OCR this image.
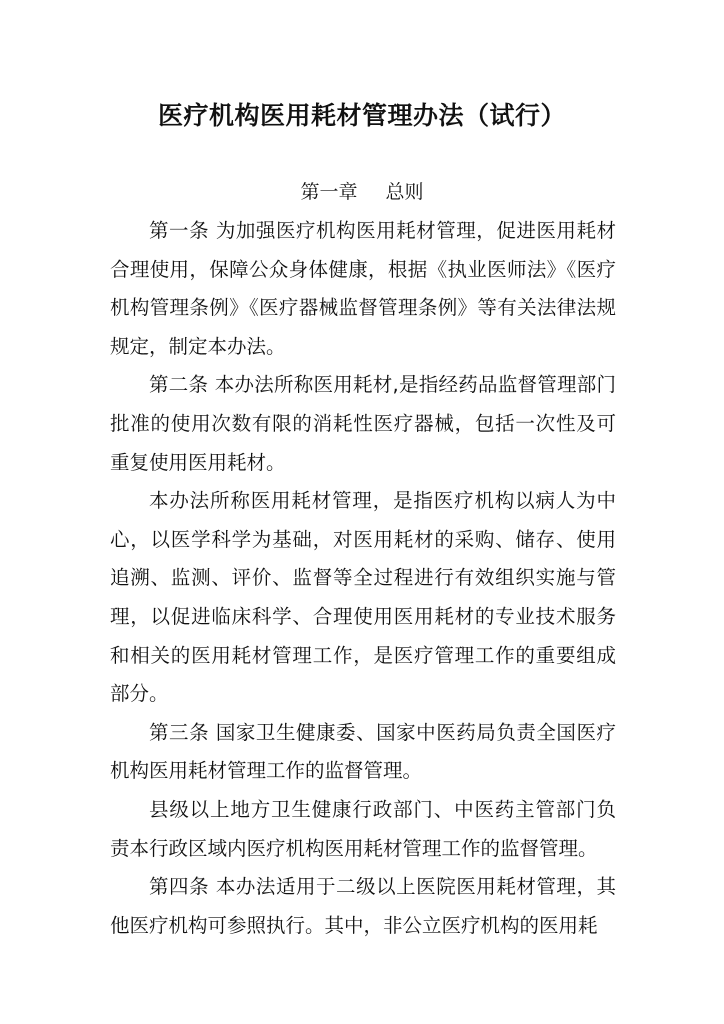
医疗机构医用耗材管理办法（试行）
第一章 总则

第一条 为加强医疗机构医用耗材管理，促进医用耗材合理使用，保障公众身体健康，根据《执业医师法》《医疗机构管理条例》《医疗器械监督管理条例》等有关法律法规规定，制定本办法。

第二条 本办法所称医用耗材,是指经药品监督管理部门批准的使用次数有限的消耗性医疗器械，包括一次性及可重复使用医用耗材。

本办法所称医用耗材管理，是指医疗机构以病人为中心，以医学科学为基础，对医用耗材的采购、储存、使用追溯、监测、评价、监督等全过程进行有效组织实施与管理，以促进临床科学、合理使用医用耗材的专业技术服务和相关的医用耗材管理工作，是医疗管理工作的重要组成部分。

第三条 国家卫生健康委、国家中医药局负责全国医疗机构医用耗材管理工作的监督管理。

县级以上地方卫生健康行政部门、中医药主管部门负责本行政区域内医疗机构医用耗材管理工作的监督管理。

第四条 本办法适用于二级以上医院医用耗材管理，其他医疗机构可参照执行。其中，非公立医疗机构的医用耗
